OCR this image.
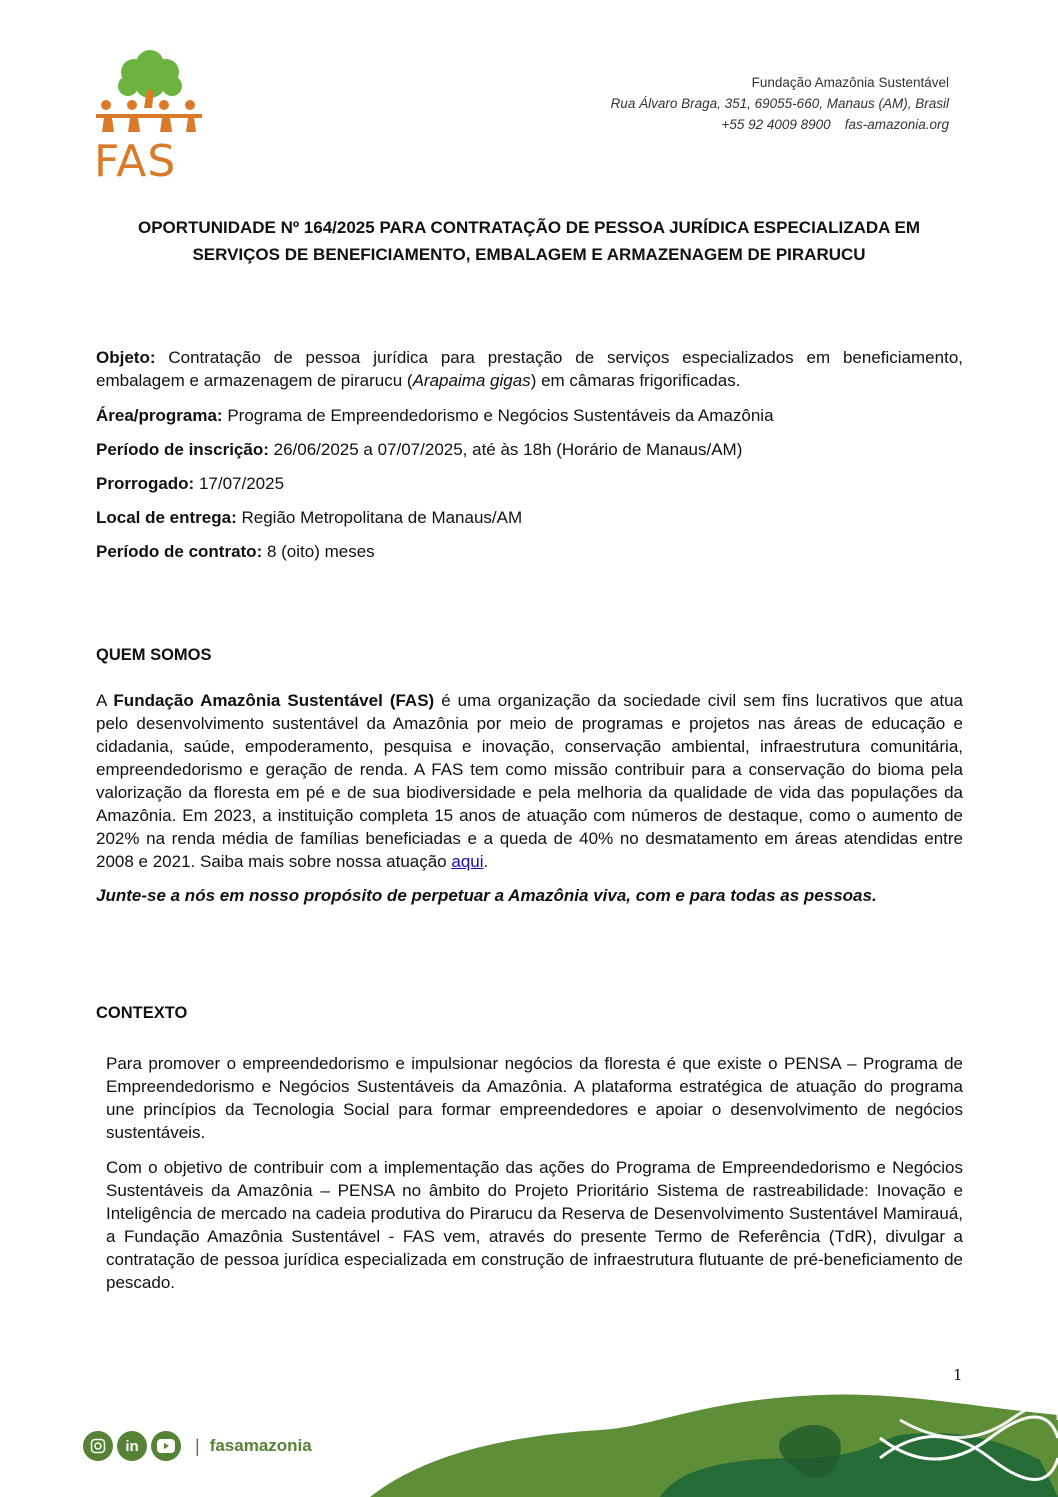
FAS
Fundação Amazônia Sustentável
Rua Álvaro Braga, 351, 69055-660, Manaus (AM), Brasil
+55 92 4009 8900 fas-amazonia.org
OPORTUNIDADE Nº 164/2025 PARA CONTRATAÇÃO DE PESSOA JURÍDICA ESPECIALIZADA EM
SERVIÇOS DE BENEFICIAMENTO, EMBALAGEM E ARMAZENAGEM DE PIRARUCU

Objeto: Contratação de pessoa jurídica para prestação de serviços especializados em beneficiamento, embalagem e armazenagem de pirarucu (Arapaima gigas) em câmaras frigorificadas.

Área/programa: Programa de Empreendedorismo e Negócios Sustentáveis da Amazônia

Período de inscrição: 26/06/2025 a 07/07/2025, até às 18h (Horário de Manaus/AM)

Prorrogado: 17/07/2025

Local de entrega: Região Metropolitana de Manaus/AM

Período de contrato: 8 (oito) meses

QUEM SOMOS

A Fundação Amazônia Sustentável (FAS) é uma organização da sociedade civil sem fins lucrativos que atua pelo desenvolvimento sustentável da Amazônia por meio de programas e projetos nas áreas de educação e cidadania, saúde, empoderamento, pesquisa e inovação, conservação ambiental, infraestrutura comunitária, empreendedorismo e geração de renda. A FAS tem como missão contribuir para a conservação do bioma pela valorização da floresta em pé e de sua biodiversidade e pela melhoria da qualidade de vida das populações da Amazônia. Em 2023, a instituição completa 15 anos de atuação com números de destaque, como o aumento de 202% na renda média de famílias beneficiadas e a queda de 40% no desmatamento em áreas atendidas entre 2008 e 2021. Saiba mais sobre nossa atuação aqui.

Junte-se a nós em nosso propósito de perpetuar a Amazônia viva, com e para todas as pessoas.

CONTEXTO

Para promover o empreendedorismo e impulsionar negócios da floresta é que existe o PENSA – Programa de Empreendedorismo e Negócios Sustentáveis da Amazônia. A plataforma estratégica de atuação do programa une princípios da Tecnologia Social para formar empreendedores e apoiar o desenvolvimento de negócios sustentáveis.

Com o objetivo de contribuir com a implementação das ações do Programa de Empreendedorismo e Negócios Sustentáveis da Amazônia – PENSA no âmbito do Projeto Prioritário Sistema de rastreabilidade: Inovação e Inteligência de mercado na cadeia produtiva do Pirarucu da Reserva de Desenvolvimento Sustentável Mamirauá, a Fundação Amazônia Sustentável - FAS vem, através do presente Termo de Referência (TdR), divulgar a contratação de pessoa jurídica especializada em construção de infraestrutura flutuante de pré-beneficiamento de pescado.

1
in	| fasamazonia
